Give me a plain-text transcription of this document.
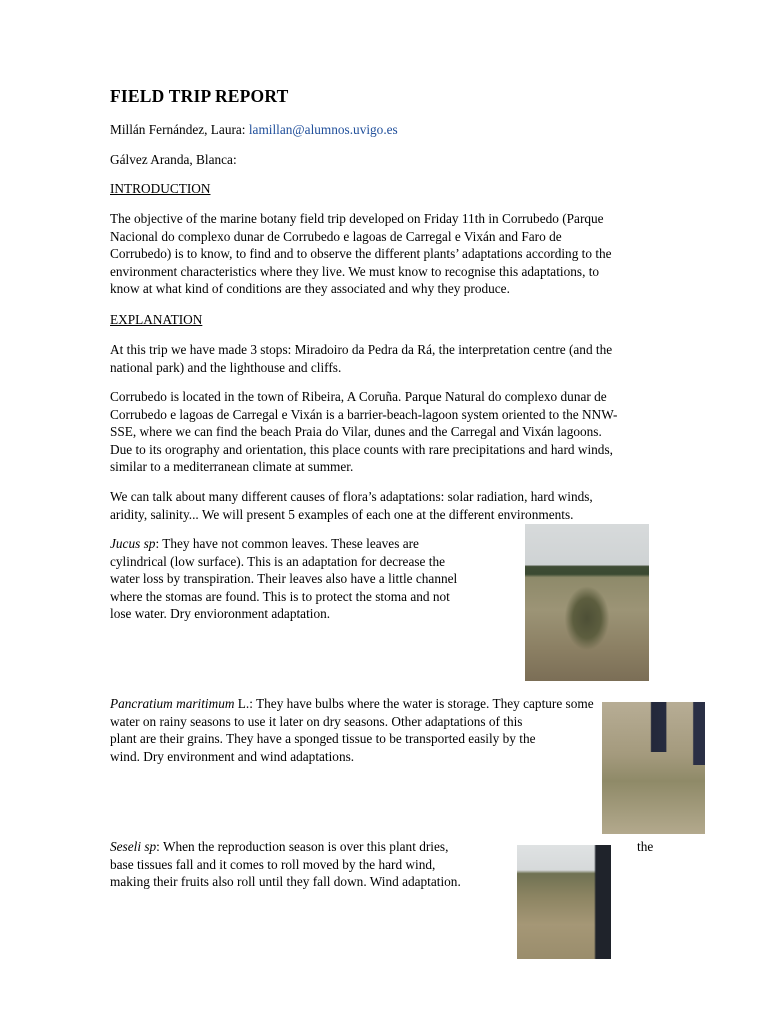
FIELD TRIP REPORT

Millán Fernández, Laura: lamillan@alumnos.uvigo.es

Gálvez Aranda, Blanca:

INTRODUCTION

The objective of the marine botany field trip developed on Friday 11th in Corrubedo (Parque
Nacional do complexo dunar de Corrubedo e lagoas de Carregal e Vixán and Faro de
Corrubedo) is to know, to find and to observe the different plants’ adaptations according to the
environment characteristics where they live. We must know to recognise this adaptations, to
know at what kind of conditions are they associated and why they produce.

EXPLANATION

At this trip we have made 3 stops: Miradoiro da Pedra da Rá, the interpretation centre (and the
national park) and the lighthouse and cliffs.

Corrubedo is located in the town of Ribeira, A Coruña. Parque Natural do complexo dunar de
Corrubedo e lagoas de Carregal e Vixán is a barrier-beach-lagoon system oriented to the NNW-
SSE, where we can find the beach Praia do Vilar, dunes and the Carregal and Vixán lagoons.
Due to its orography and orientation, this place counts with rare precipitations and hard winds,
similar to a mediterranean climate at summer.

We can talk about many different causes of flora’s adaptations: solar radiation, hard winds,
aridity, salinity... We will present 5 examples of each one at the different environments.

Jucus sp: They have not common leaves. These leaves are
cylindrical (low surface). This is an adaptation for decrease the
water loss by transpiration. Their leaves also have a little channel
where the stomas are found. This is to protect the stoma and not
lose water. Dry envioronment adaptation.

Pancratium maritimum L.: They have bulbs where the water is storage. They capture some
water on rainy seasons to use it later on dry seasons. Other adaptations of this
plant are their grains. They have a sponged tissue to be transported easily by the
wind. Dry environment and wind adaptations.

Seseli sp: When the reproduction season is over this plant dries,
base tissues fall and it comes to roll moved by the hard wind,
making their fruits also roll until they fall down. Wind adaptation.

the
